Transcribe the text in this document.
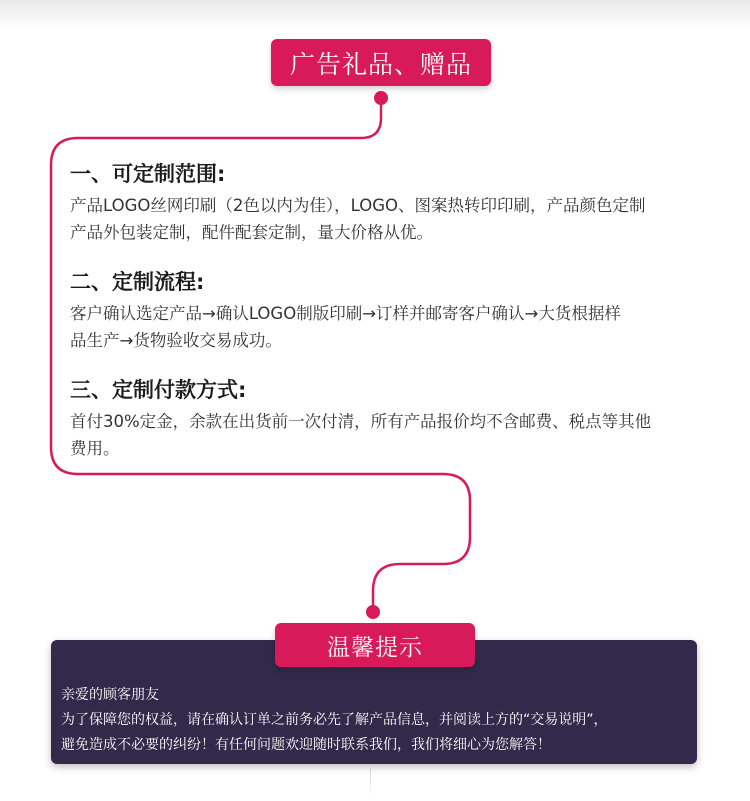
广告礼品、赠品
一、可定制范围:

产品LOGO丝网印刷（2色以内为佳），LOGO、图案热转印印刷，产品颜色定制
产品外包装定制，配件配套定制，量大价格从优。

二、定制流程:

客户确认选定产品→确认LOGO制版印刷→订样并邮寄客户确认→大货根据样
品生产→货物验收交易成功。

三、定制付款方式:

首付30%定金，余款在出货前一次付清，所有产品报价均不含邮费、税点等其他
费用。

亲爱的顾客朋友
为了保障您的权益，请在确认订单之前务必先了解产品信息，并阅读上方的“交易说明”，
避免造成不必要的纠纷！有任何问题欢迎随时联系我们，我们将细心为您解答！
温馨提示
